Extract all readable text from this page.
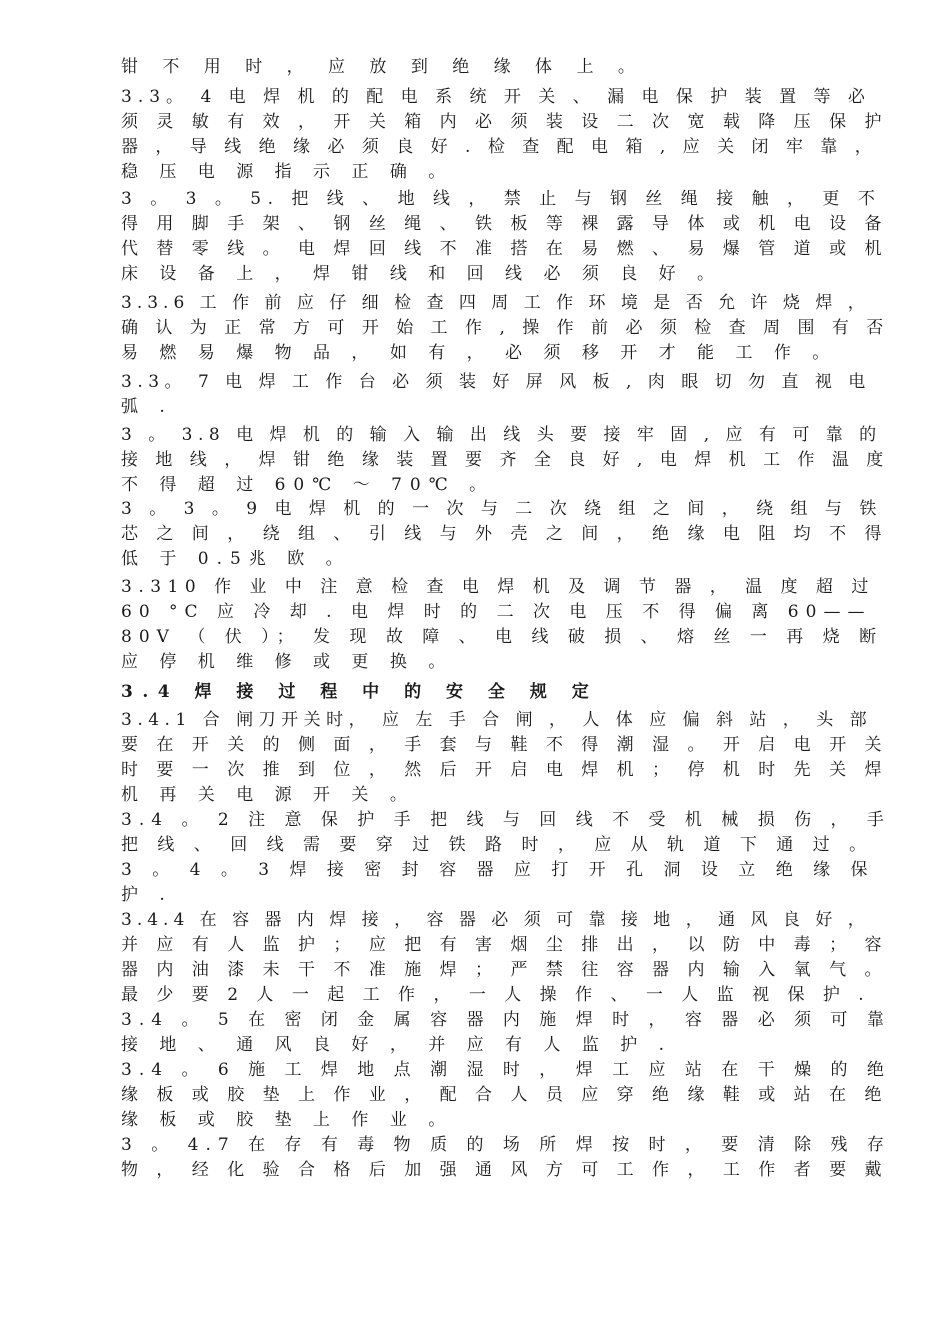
钳 不 用 时 ， 应 放 到 绝 缘 体 上 。
3.3。 4 电 焊 机 的 配 电 系 统 开 关 、 漏 电 保 护 装 置 等 必
须 灵 敏 有 效 ， 开 关 箱 内 必 须 装 设 二 次 宽 载 降 压 保 护
器 ， 导 线 绝 缘 必 须 良 好 . 检 查 配 电 箱 , 应 关 闭 牢 靠 ，
稳 压 电 源 指 示 正 确 。
3 。 3 。 5. 把 线 、 地 线 ， 禁 止 与 钢 丝 绳 接 触 ， 更 不
得 用 脚 手 架 、 钢 丝 绳 、 铁 板 等 裸 露 导 体 或 机 电 设 备
代 替 零 线 。 电 焊 回 线 不 准 搭 在 易 燃 、 易 爆 管 道 或 机
床 设 备 上 ， 焊 钳 线 和 回 线 必 须 良 好 。
3.3.6 工 作 前 应 仔 细 检 查 四 周 工 作 环 境 是 否 允 许 烧 焊 ，
确 认 为 正 常 方 可 开 始 工 作 , 操 作 前 必 须 检 查 周 围 有 否
易 燃 易 爆 物 品 ， 如 有 ， 必 须 移 开 才 能 工 作 。
3.3。 7 电 焊 工 作 台 必 须 装 好 屏 风 板 , 肉 眼 切 勿 直 视 电
弧 .
3 。 3.8 电 焊 机 的 输 入 输 出 线 头 要 接 牢 固 , 应 有 可 靠 的
接 地 线 ， 焊 钳 绝 缘 装 置 要 齐 全 良 好 , 电 焊 机 工 作 温 度
不 得 超 过 60℃ ～ 70℃ 。
3 。 3 。 9 电 焊 机 的 一 次 与 二 次 绕 组 之 间 ， 绕 组 与 铁
芯 之 间 ， 绕 组 、 引 线 与 外 壳 之 间 ， 绝 缘 电 阻 均 不 得
低 于 0.5兆 欧 。
3.310 作 业 中 注 意 检 查 电 焊 机 及 调 节 器 ， 温 度 超 过
60 °C 应 冷 却 . 电 焊 时 的 二 次 电 压 不 得 偏 离 60——
80V （ 伏 ）； 发 现 故 障 、 电 线 破 损 、 熔 丝 一 再 烧 断
应 停 机 维 修 或 更 换 。
3.4 焊 接 过 程 中 的 安 全 规 定
3.4.1 合 闸刀开关时， 应 左 手 合 闸 ， 人 体 应 偏 斜 站 ， 头 部
要 在 开 关 的 侧 面 ， 手 套 与 鞋 不 得 潮 湿 。 开 启 电 开 关
时 要 一 次 推 到 位 ， 然 后 开 启 电 焊 机 ； 停 机 时 先 关 焊
机 再 关 电 源 开 关 。
3.4 。 2 注 意 保 护 手 把 线 与 回 线 不 受 机 械 损 伤 ， 手
把 线 、 回 线 需 要 穿 过 铁 路 时 ， 应 从 轨 道 下 通 过 。
3 。 4 。 3 焊 接 密 封 容 器 应 打 开 孔 洞 设 立 绝 缘 保
护 .
3.4.4 在 容 器 内 焊 接 ， 容 器 必 须 可 靠 接 地 ， 通 风 良 好 ，
并 应 有 人 监 护 ； 应 把 有 害 烟 尘 排 出 ， 以 防 中 毒 ； 容
器 内 油 漆 未 干 不 准 施 焊 ； 严 禁 往 容 器 内 输 入 氧 气 。
最 少 要 2 人 一 起 工 作 ， 一 人 操 作 、 一 人 监 视 保 护 .
3.4 。 5 在 密 闭 金 属 容 器 内 施 焊 时 ， 容 器 必 须 可 靠
接 地 、 通 风 良 好 ， 并 应 有 人 监 护 .
3.4 。 6 施 工 焊 地 点 潮 湿 时 ， 焊 工 应 站 在 干 燥 的 绝
缘 板 或 胶 垫 上 作 业 ， 配 合 人 员 应 穿 绝 缘 鞋 或 站 在 绝
缘 板 或 胶 垫 上 作 业 。
3 。 4.7 在 存 有 毒 物 质 的 场 所 焊 按 时 ， 要 清 除 残 存
物 ， 经 化 验 合 格 后 加 强 通 风 方 可 工 作 ， 工 作 者 要 戴
